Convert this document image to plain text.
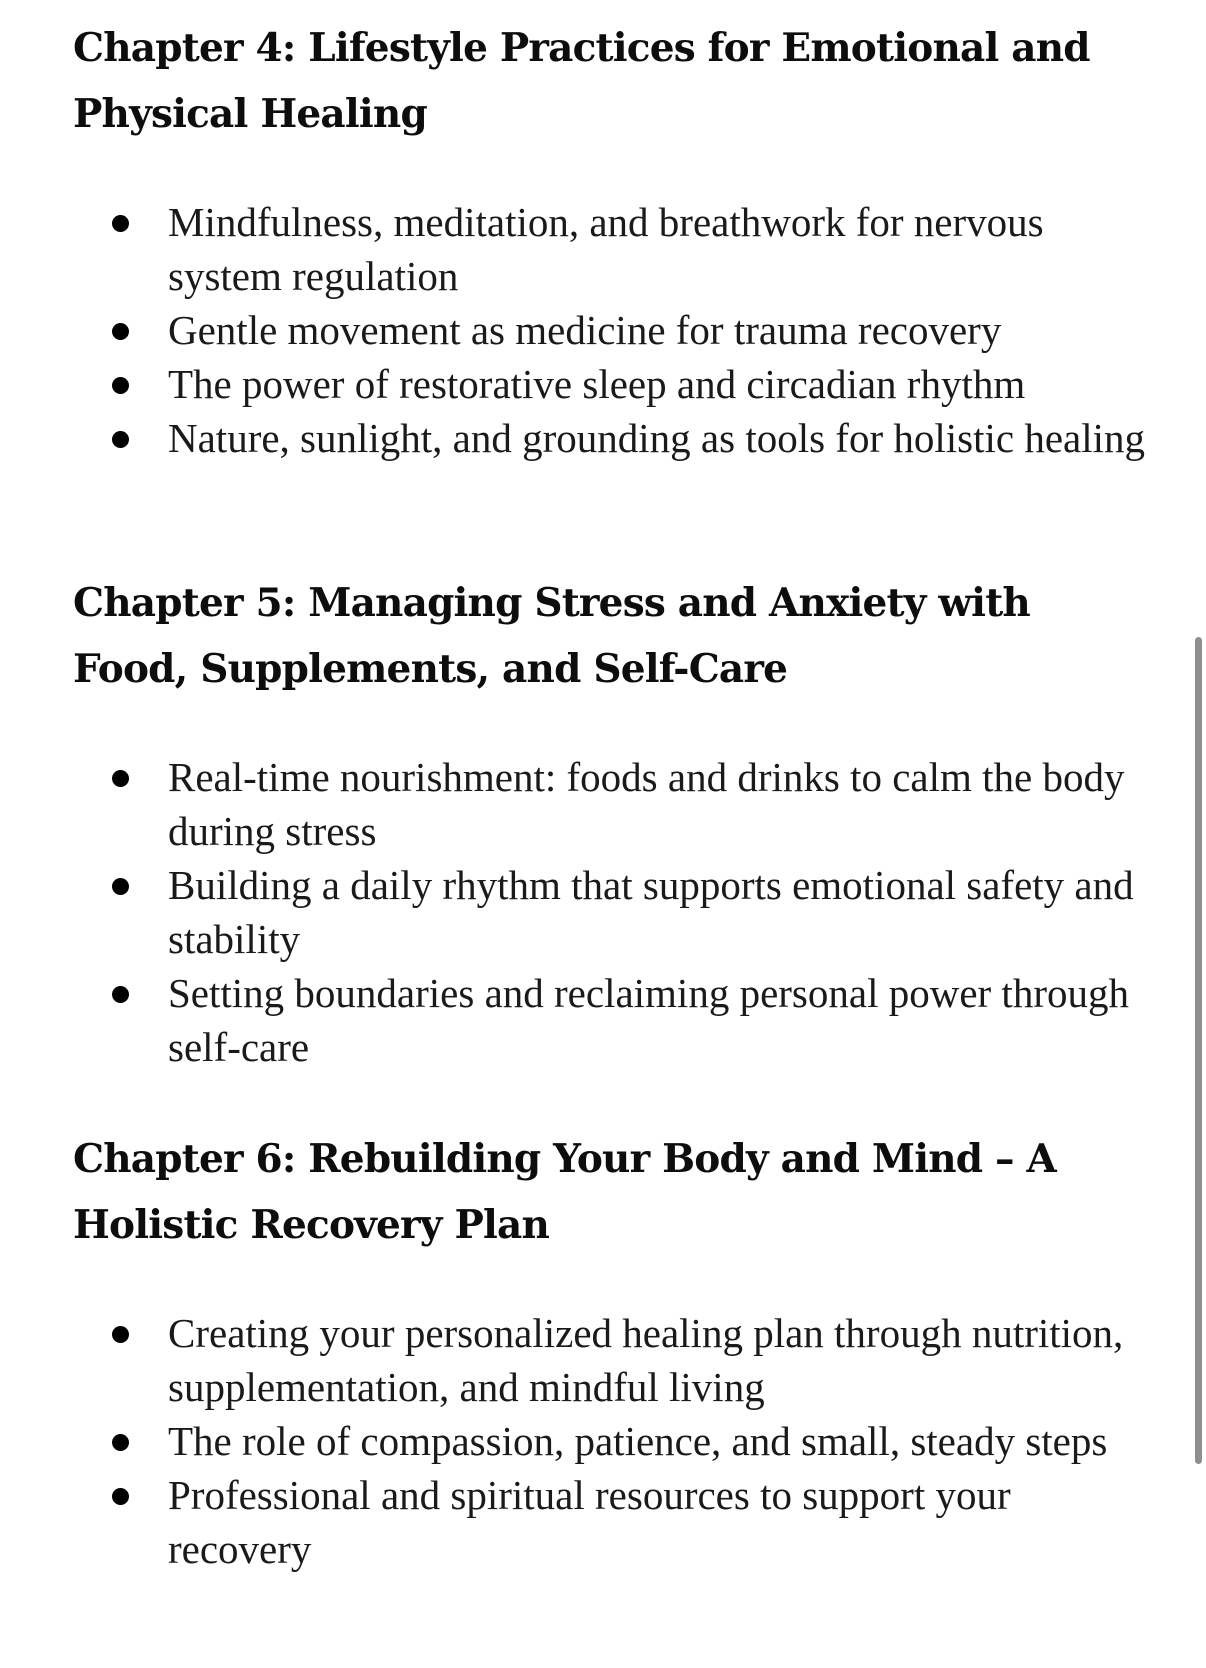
Chapter 4: Lifestyle Practices for Emotional and Physical Healing
Mindfulness, meditation, and breathwork for nervous system regulation
Gentle movement as medicine for trauma recovery
The power of restorative sleep and circadian rhythm
Nature, sunlight, and grounding as tools for holistic healing
Chapter 5: Managing Stress and Anxiety with Food, Supplements, and Self-Care
Real-time nourishment: foods and drinks to calm the body during stress
Building a daily rhythm that supports emotional safety and stability
Setting boundaries and reclaiming personal power through self-care
Chapter 6: Rebuilding Your Body and Mind – A Holistic Recovery Plan
Creating your personalized healing plan through nutrition, supplementation, and mindful living
The role of compassion, patience, and small, steady steps
Professional and spiritual resources to support your recovery
